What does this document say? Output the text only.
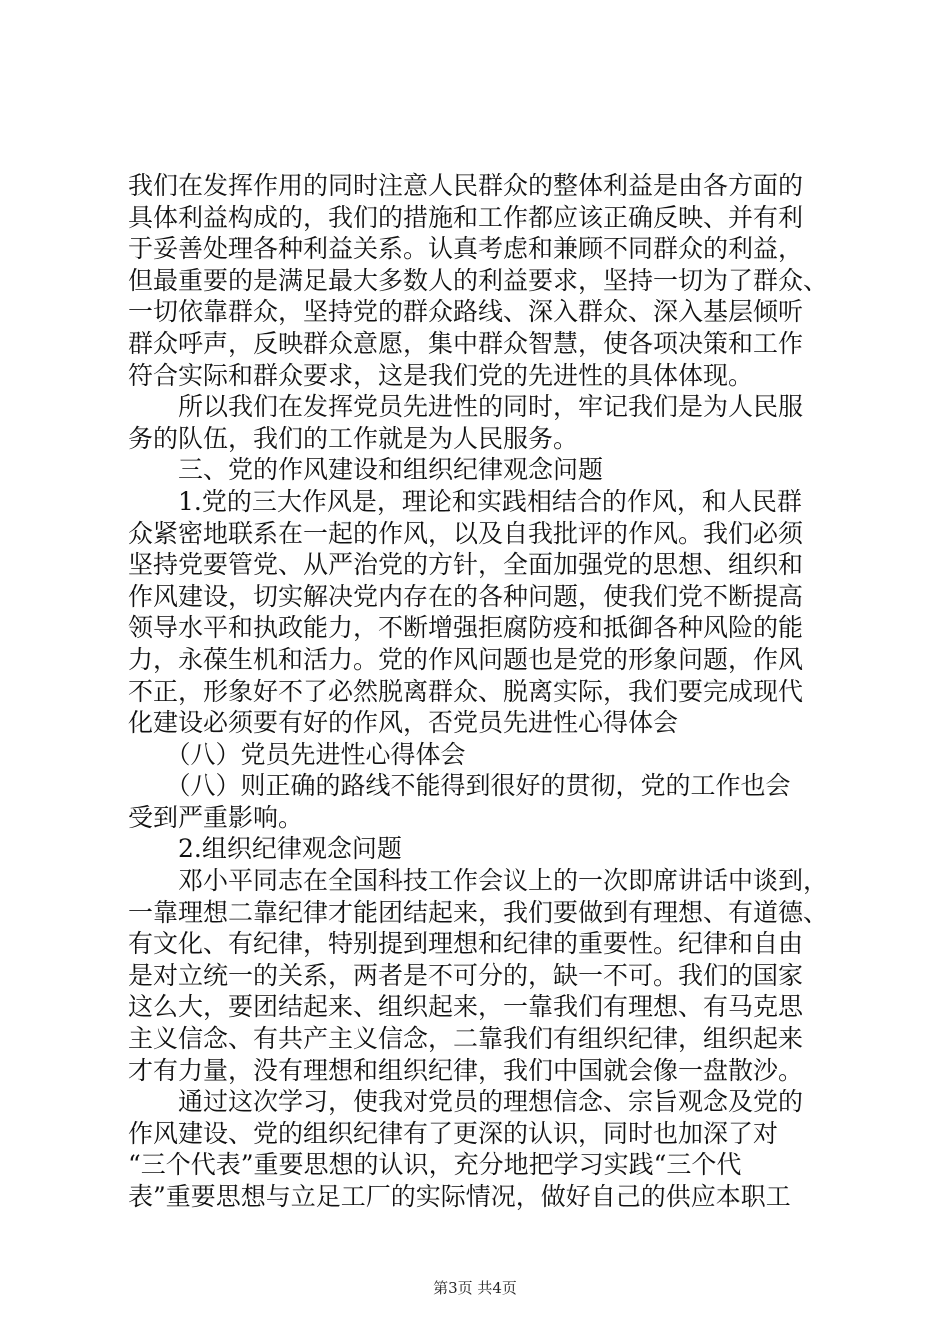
我们在发挥作用的同时注意人民群众的整体利益是由各方面的
具体利益构成的，我们的措施和工作都应该正确反映、并有利
于妥善处理各种利益关系。认真考虑和兼顾不同群众的利益，
但最重要的是满足最大多数人的利益要求，坚持一切为了群众、
一切依靠群众，坚持党的群众路线、深入群众、深入基层倾听
群众呼声，反映群众意愿，集中群众智慧，使各项决策和工作
符合实际和群众要求，这是我们党的先进性的具体体现。
　　所以我们在发挥党员先进性的同时，牢记我们是为人民服
务的队伍，我们的工作就是为人民服务。
　　三、党的作风建设和组织纪律观念问题
　　1.党的三大作风是，理论和实践相结合的作风，和人民群
众紧密地联系在一起的作风，以及自我批评的作风。我们必须
坚持党要管党、从严治党的方针，全面加强党的思想、组织和
作风建设，切实解决党内存在的各种问题，使我们党不断提高
领导水平和执政能力，不断增强拒腐防疫和抵御各种风险的能
力，永葆生机和活力。党的作风问题也是党的形象问题，作风
不正，形象好不了必然脱离群众、脱离实际，我们要完成现代
化建设必须要有好的作风，否党员先进性心得体会
　　（八）党员先进性心得体会
　　（八）则正确的路线不能得到很好的贯彻，党的工作也会
受到严重影响。
　　2.组织纪律观念问题
　　邓小平同志在全国科技工作会议上的一次即席讲话中谈到，
一靠理想二靠纪律才能团结起来，我们要做到有理想、有道德、
有文化、有纪律，特别提到理想和纪律的重要性。纪律和自由
是对立统一的关系，两者是不可分的，缺一不可。我们的国家
这么大，要团结起来、组织起来，一靠我们有理想、有马克思
主义信念、有共产主义信念，二靠我们有组织纪律，组织起来
才有力量，没有理想和组织纪律，我们中国就会像一盘散沙。
　　通过这次学习，使我对党员的理想信念、宗旨观念及党的
作风建设、党的组织纪律有了更深的认识，同时也加深了对
“三个代表”重要思想的认识，充分地把学习实践“三个代
表”重要思想与立足工厂的实际情况，做好自己的供应本职工
第3页 共4页
